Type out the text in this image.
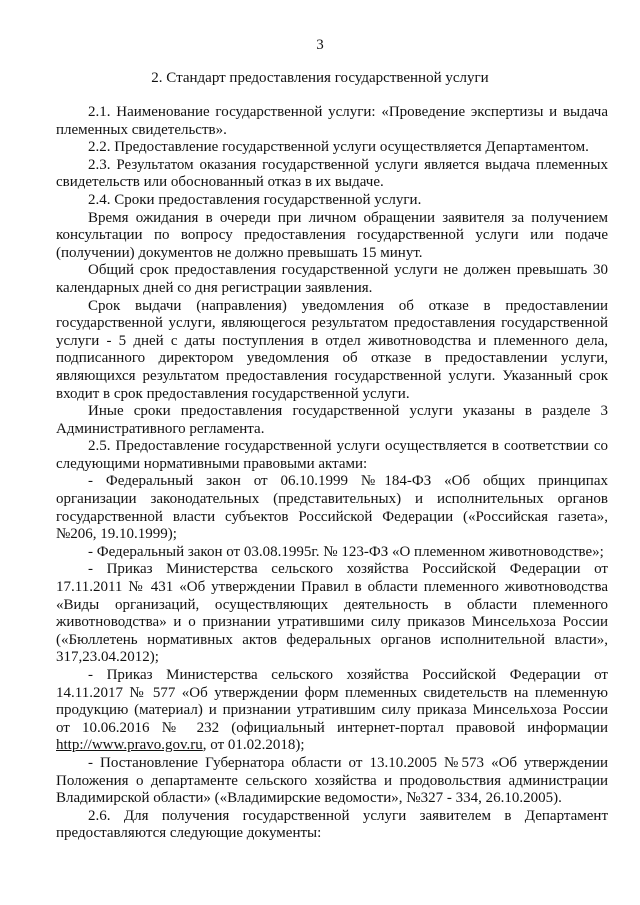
3
2. Стандарт предоставления государственной услуги

2.1. Наименование государственной услуги: «Проведение экспертизы и выдача племенных свидетельств».

2.2. Предоставление государственной услуги осуществляется Департаментом.

2.3. Результатом оказания государственной услуги является выдача племенных свидетельств или обоснованный отказ в их выдаче.

2.4. Сроки предоставления государственной услуги.

Время ожидания в очереди при личном обращении заявителя за получением консультации по вопросу предоставления государственной услуги или подаче (получении) документов не должно превышать 15 минут.

Общий срок предоставления государственной услуги не должен превышать 30 календарных дней со дня регистрации заявления.

Срок выдачи (направления) уведомления об отказе в предоставлении государственной услуги, являющегося результатом предоставления государственной услуги - 5 дней с даты поступления в отдел животноводства и племенного дела, подписанного директором уведомления об отказе в предоставлении услуги, являющихся результатом предоставления государственной услуги. Указанный срок входит в срок предоставления государственной услуги.

Иные сроки предоставления государственной услуги указаны в разделе 3 Административного регламента.

2.5. Предоставление государственной услуги осуществляется в соответствии со следующими нормативными правовыми актами:

- Федеральный закон от 06.10.1999 №184-ФЗ «Об общих принципах организации законодательных (представительных) и исполнительных органов государственной власти субъектов Российской Федерации («Российская газета», №206, 19.10.1999);

- Федеральный закон от 03.08.1995г. № 123-ФЗ «О племенном животноводстве»;

- Приказ Министерства сельского хозяйства Российской Федерации от 17.11.2011 № 431 «Об утверждении Правил в области племенного животноводства «Виды организаций, осуществляющих деятельность в области племенного животноводства» и о признании утратившими силу приказов Минсельхоза России («Бюллетень нормативных актов федеральных органов исполнительной власти», 317,23.04.2012);

- Приказ Министерства сельского хозяйства Российской Федерации от 14.11.2017 № 577 «Об утверждении форм племенных свидетельств на племенную продукцию (материал) и признании утратившим силу приказа Минсельхоза России от 10.06.2016 № 232 (официальный интернет-портал правовой информации http://www.pravo.gov.ru, от 01.02.2018);

- Постановление Губернатора области от 13.10.2005 №573 «Об утверждении Положения о департаменте сельского хозяйства и продовольствия администрации Владимирской области» («Владимирские ведомости», №327 - 334, 26.10.2005).

2.6. Для получения государственной услуги заявителем в Департамент предоставляются следующие документы:
